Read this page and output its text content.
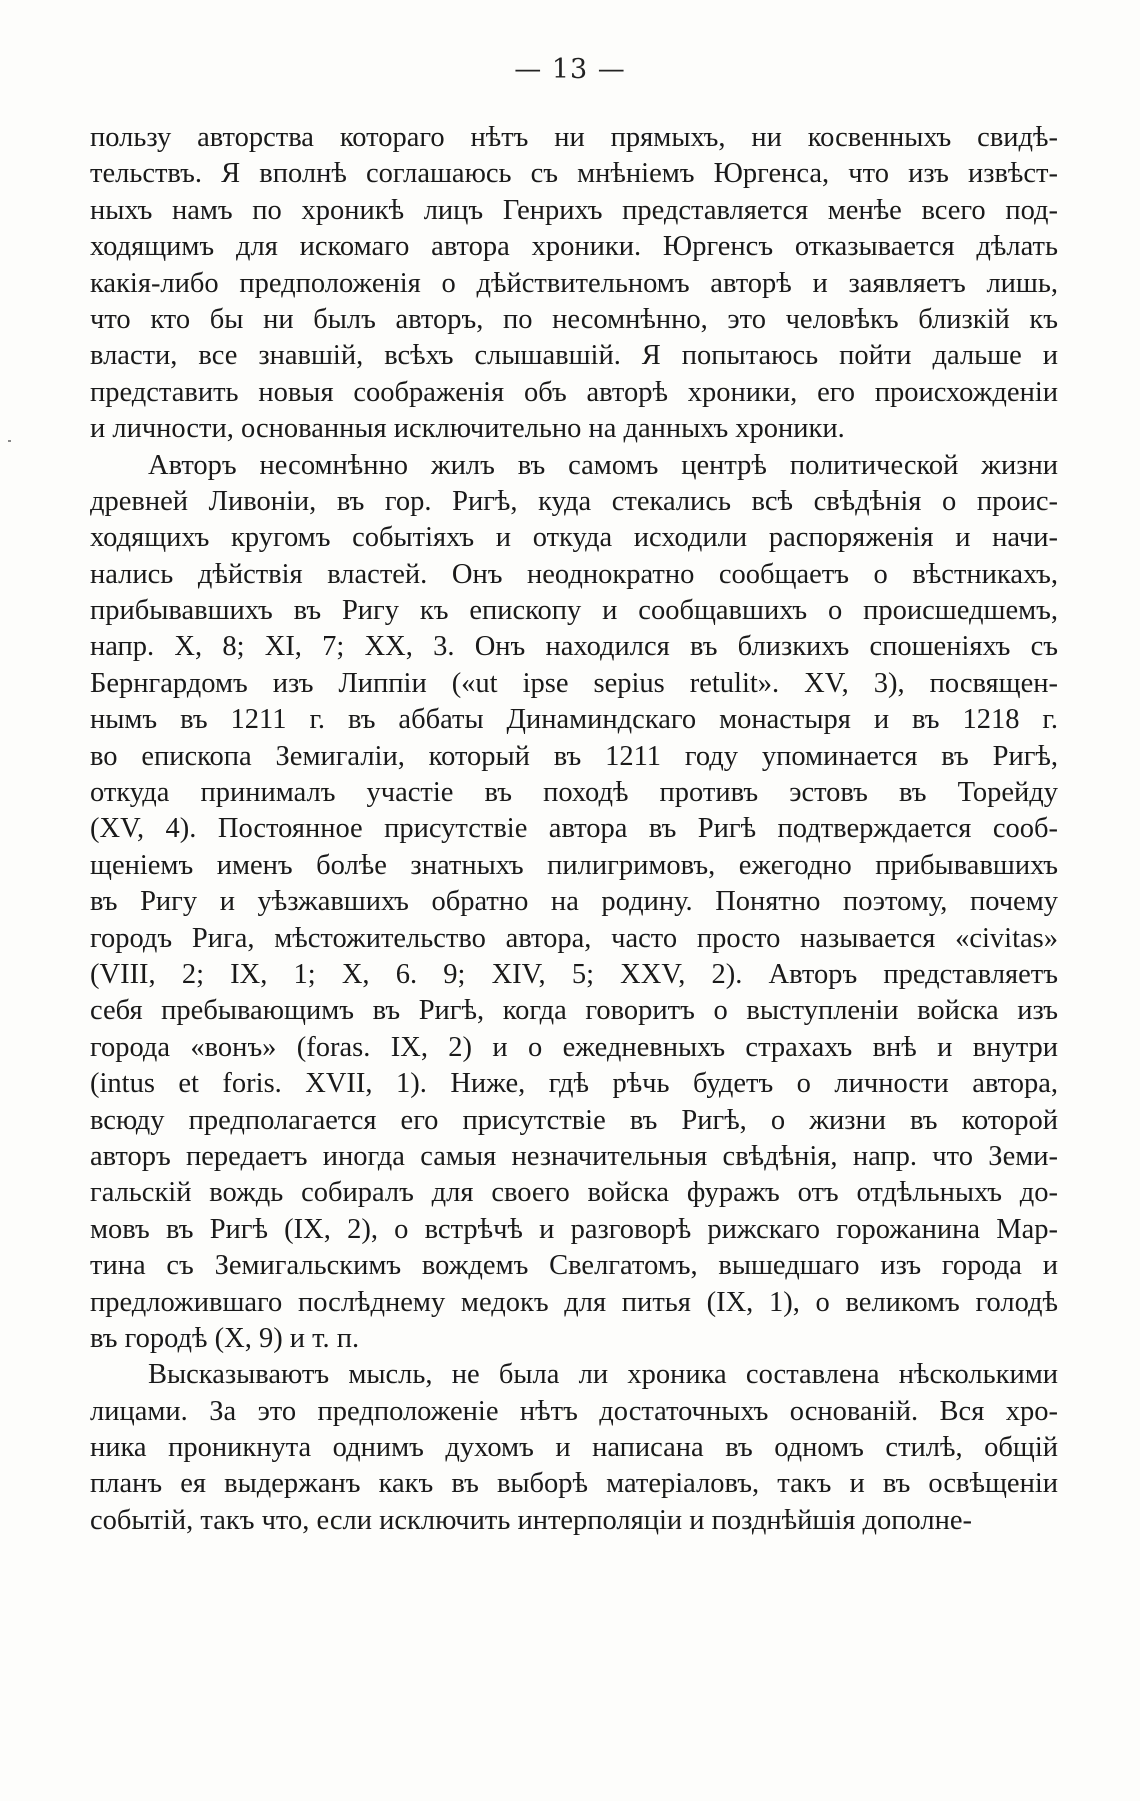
— 13 —
пользу авторства котораго нѣтъ ни прямыхъ, ни косвенныхъ свидѣ-
тельствъ. Я вполнѣ соглашаюсь съ мнѣніемъ Юргенса, что изъ извѣст-
ныхъ намъ по хроникѣ лицъ Генрихъ представляется менѣе всего под-
ходящимъ для искомаго автора хроники. Юргенсъ отказывается дѣлать
какія-либо предположенія о дѣйствительномъ авторѣ и заявляетъ лишь,
что кто бы ни былъ авторъ, по несомнѣнно, это человѣкъ близкій къ
власти, все знавшій, всѣхъ слышавшій. Я попытаюсь пойти дальше и
представить новыя соображенія объ авторѣ хроники, его происхожденіи
и личности, основанныя исключительно на данныхъ хроники.
Авторъ несомнѣнно жилъ въ самомъ центрѣ политической жизни
древней Ливоніи, въ гор. Ригѣ, куда стекались всѣ свѣдѣнія о проис-
ходящихъ кругомъ событіяхъ и откуда исходили распоряженія и начи-
нались дѣйствія властей. Онъ неоднократно сообщаетъ о вѣстникахъ,
прибывавшихъ въ Ригу къ епископу и сообщавшихъ о происшедшемъ,
напр. X, 8; XI, 7; XX, 3. Онъ находился въ близкихъ спошеніяхъ съ
Бернгардомъ изъ Липпіи («ut ipse sepius retulit». XV, 3), посвящен-
нымъ въ 1211 г. въ аббаты Динаминдскаго монастыря и въ 1218 г.
во епископа Земигаліи, который въ 1211 году упоминается въ Ригѣ,
откуда принималъ участіе въ походѣ противъ эстовъ въ Торейду
(XV, 4). Постоянное присутствіе автора въ Ригѣ подтверждается сооб-
щеніемъ именъ болѣе знатныхъ пилигримовъ, ежегодно прибывавшихъ
въ Ригу и уѣзжавшихъ обратно на родину. Понятно поэтому, почему
городъ Рига, мѣстожительство автора, часто просто называется «civitas»
(VIII, 2; IX, 1; X, 6. 9; XIV, 5; XXV, 2). Авторъ представляетъ
себя пребывающимъ въ Ригѣ, когда говоритъ о выступленіи войска изъ
города «вонъ» (foras. IX, 2) и о ежедневныхъ страхахъ внѣ и внутри
(intus et foris. XVII, 1). Ниже, гдѣ рѣчь будетъ о личности автора,
всюду предполагается его присутствіе въ Ригѣ, о жизни въ которой
авторъ передаетъ иногда самыя незначительныя свѣдѣнія, напр. что Земи-
гальскій вождь собиралъ для своего войска фуражъ отъ отдѣльныхъ до-
мовъ въ Ригѣ (IX, 2), о встрѣчѣ и разговорѣ рижскаго горожанина Мар-
тина съ Земигальскимъ вождемъ Свелгатомъ, вышедшаго изъ города и
предложившаго послѣднему медокъ для питья (IX, 1), о великомъ голодѣ
въ городѣ (X, 9) и т. п.
Высказываютъ мысль, не была ли хроника составлена нѣсколькими
лицами. За это предположеніе нѣтъ достаточныхъ основаній. Вся хро-
ника проникнута однимъ духомъ и написана въ одномъ стилѣ, общій
планъ ея выдержанъ какъ въ выборѣ матеріаловъ, такъ и въ освѣщеніи
событій, такъ что, если исключить интерполяціи и позднѣйшія дополне-
